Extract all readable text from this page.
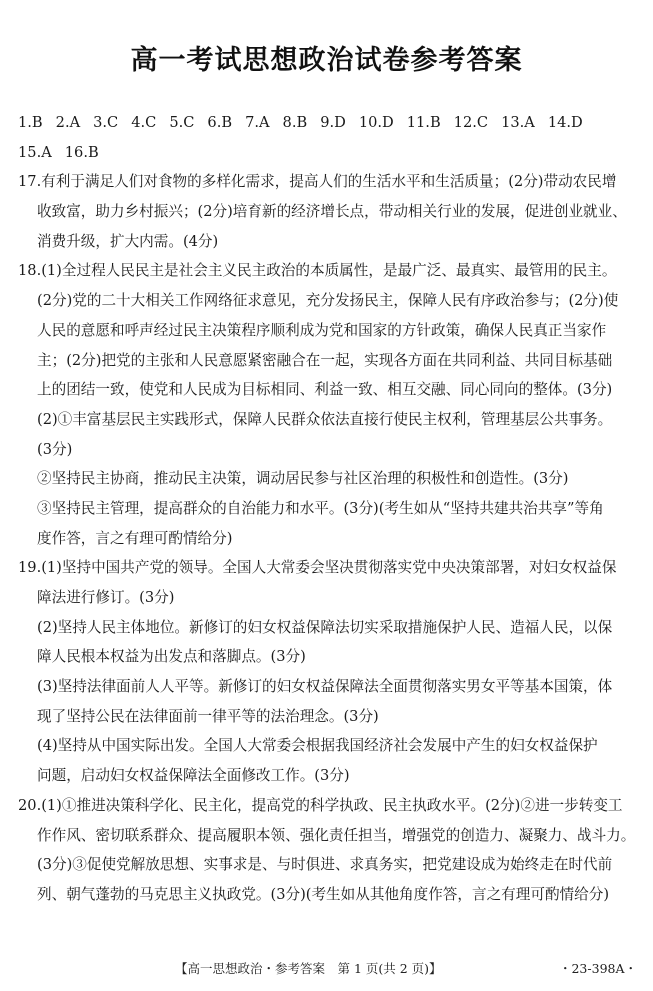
高一考试思想政治试卷参考答案
1.B 2.A 3.C 4.C 5.C 6.B 7.A 8.B 9.D 10.D 11.B 12.C 13.A 14.D
15.A 16.B
17.有利于满足人们对食物的多样化需求，提高人们的生活水平和生活质量；(2分)带动农民增
收致富，助力乡村振兴；(2分)培育新的经济增长点，带动相关行业的发展，促进创业就业、
消费升级，扩大内需。(4分)
18.(1)全过程人民民主是社会主义民主政治的本质属性，是最广泛、最真实、最管用的民主。
(2分)党的二十大相关工作网络征求意见，充分发扬民主，保障人民有序政治参与；(2分)使
人民的意愿和呼声经过民主决策程序顺利成为党和国家的方针政策，确保人民真正当家作
主；(2分)把党的主张和人民意愿紧密融合在一起，实现各方面在共同利益、共同目标基础
上的团结一致，使党和人民成为目标相同、利益一致、相互交融、同心同向的整体。(3分)
(2)①丰富基层民主实践形式，保障人民群众依法直接行使民主权利，管理基层公共事务。
(3分)
②坚持民主协商，推动民主决策，调动居民参与社区治理的积极性和创造性。(3分)
③坚持民主管理，提高群众的自治能力和水平。(3分)(考生如从“坚持共建共治共享”等角
度作答，言之有理可酌情给分)
19.(1)坚持中国共产党的领导。全国人大常委会坚决贯彻落实党中央决策部署，对妇女权益保
障法进行修订。(3分)
(2)坚持人民主体地位。新修订的妇女权益保障法切实采取措施保护人民、造福人民，以保
障人民根本权益为出发点和落脚点。(3分)
(3)坚持法律面前人人平等。新修订的妇女权益保障法全面贯彻落实男女平等基本国策，体
现了坚持公民在法律面前一律平等的法治理念。(3分)
(4)坚持从中国实际出发。全国人大常委会根据我国经济社会发展中产生的妇女权益保护
问题，启动妇女权益保障法全面修改工作。(3分)
20.(1)①推进决策科学化、民主化，提高党的科学执政、民主执政水平。(2分)②进一步转变工
作作风、密切联系群众、提高履职本领、强化责任担当，增强党的创造力、凝聚力、战斗力。
(3分)③促使党解放思想、实事求是、与时俱进、求真务实，把党建设成为始终走在时代前
列、朝气蓬勃的马克思主义执政党。(3分)(考生如从其他角度作答，言之有理可酌情给分)
【高一思想政治・参考答案　第 1 页(共 2 页)】	・23-398A・
